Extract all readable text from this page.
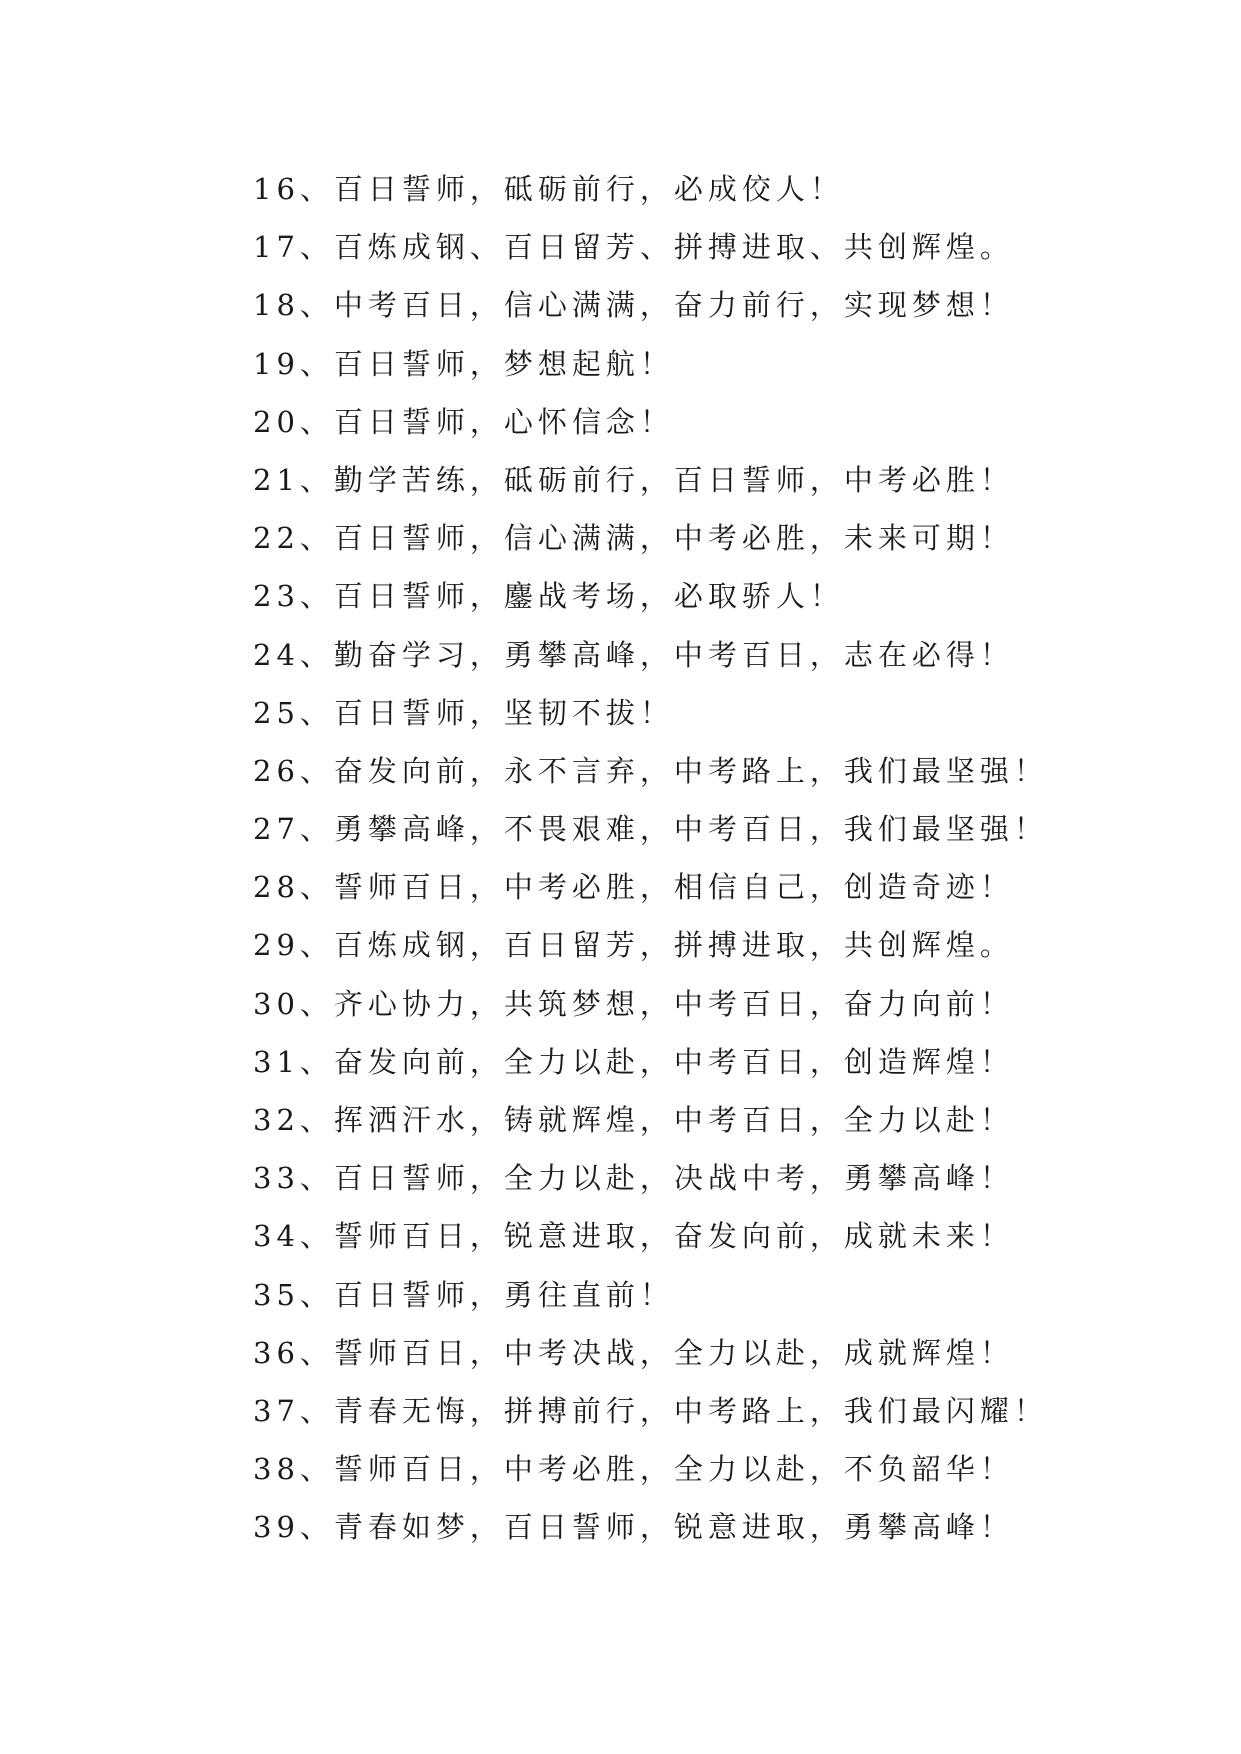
16、百日誓师，砥砺前行，必成佼人！
17、百炼成钢、百日留芳、拼搏进取、共创辉煌。
18、中考百日，信心满满，奋力前行，实现梦想！
19、百日誓师，梦想起航！
20、百日誓师，心怀信念！
21、勤学苦练，砥砺前行，百日誓师，中考必胜！
22、百日誓师，信心满满，中考必胜，未来可期！
23、百日誓师，鏖战考场，必取骄人！
24、勤奋学习，勇攀高峰，中考百日，志在必得！
25、百日誓师，坚韧不拔！
26、奋发向前，永不言弃，中考路上，我们最坚强！
27、勇攀高峰，不畏艰难，中考百日，我们最坚强！
28、誓师百日，中考必胜，相信自己，创造奇迹！
29、百炼成钢，百日留芳，拼搏进取，共创辉煌。
30、齐心协力，共筑梦想，中考百日，奋力向前！
31、奋发向前，全力以赴，中考百日，创造辉煌！
32、挥洒汗水，铸就辉煌，中考百日，全力以赴！
33、百日誓师，全力以赴，决战中考，勇攀高峰！
34、誓师百日，锐意进取，奋发向前，成就未来！
35、百日誓师，勇往直前！
36、誓师百日，中考决战，全力以赴，成就辉煌！
37、青春无悔，拼搏前行，中考路上，我们最闪耀！
38、誓师百日，中考必胜，全力以赴，不负韶华！
39、青春如梦，百日誓师，锐意进取，勇攀高峰！
